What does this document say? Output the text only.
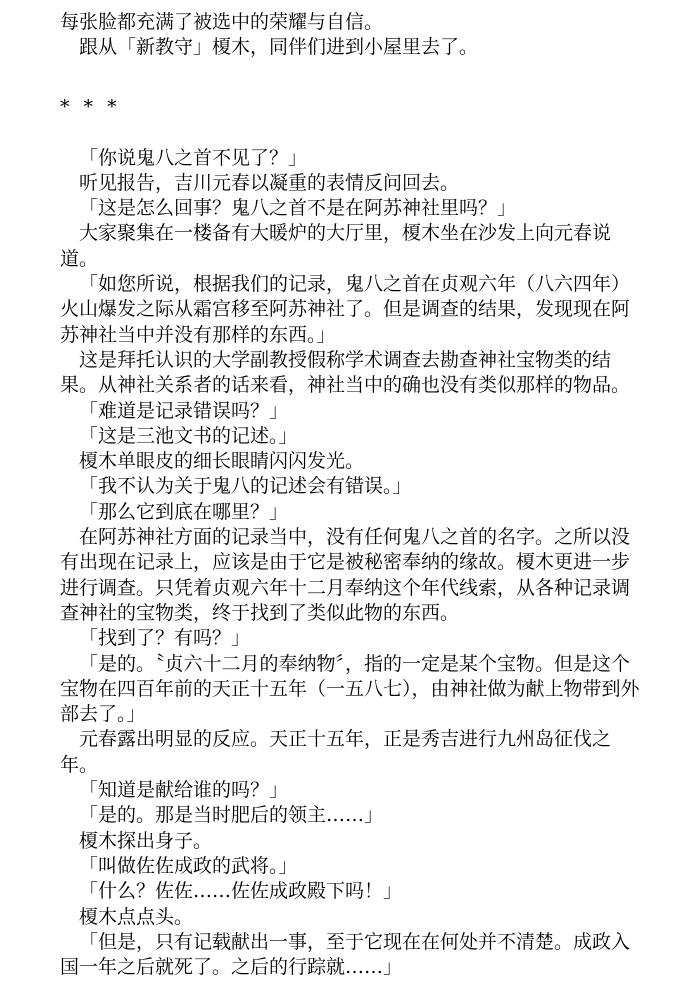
每张脸都充满了被选中的荣耀与自信。

跟从「新教守」榎木，同伴们进到小屋里去了。

* * *

「你说鬼八之首不见了？」

听见报告，吉川元春以凝重的表情反问回去。

「这是怎么回事？鬼八之首不是在阿苏神社里吗？」

大家聚集在一楼备有大暖炉的大厅里，榎木坐在沙发上向元春说道。

「如您所说，根据我们的记录，鬼八之首在贞观六年（八六四年）火山爆发之际从霜宫移至阿苏神社了。但是调查的结果，发现现在阿苏神社当中并没有那样的东西。」

这是拜托认识的大学副教授假称学术调查去勘查神社宝物类的结果。从神社关系者的话来看，神社当中的确也没有类似那样的物品。

「难道是记录错误吗？」

「这是三池文书的记述。」

榎木单眼皮的细长眼睛闪闪发光。

「我不认为关于鬼八的记述会有错误。」

「那么它到底在哪里？」

在阿苏神社方面的记录当中，没有任何鬼八之首的名字。之所以没有出现在记录上，应该是由于它是被秘密奉纳的缘故。榎木更进一步进行调查。只凭着贞观六年十二月奉纳这个年代线索，从各种记录调查神社的宝物类，终于找到了类似此物的东西。

「找到了？有吗？」

「是的。〝贞六十二月的奉纳物〞，指的一定是某个宝物。但是这个宝物在四百年前的天正十五年（一五八七），由神社做为献上物带到外部去了。」

元春露出明显的反应。天正十五年，正是秀吉进行九州岛征伐之年。

「知道是献给谁的吗？」

「是的。那是当时肥后的领主……」

榎木探出身子。

「叫做佐佐成政的武将。」

「什么？佐佐……佐佐成政殿下吗！」

榎木点点头。

「但是，只有记载献出一事，至于它现在在何处并不清楚。成政入国一年之后就死了。之后的行踪就……」
